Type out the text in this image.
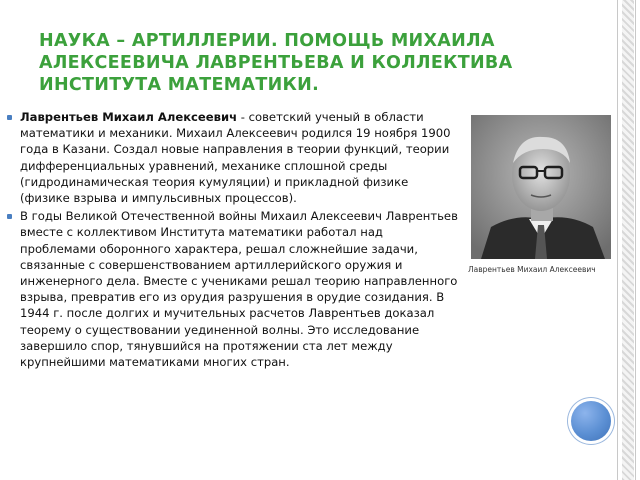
НАУКА – АРТИЛЛЕРИИ. ПОМОЩЬ МИХАИЛА АЛЕКСЕЕВИЧА ЛАВРЕНТЬЕВА И КОЛЛЕКТИВА ИНСТИТУТА МАТЕМАТИКИ.
Лаврентьев Михаил Алексеевич - советский ученый в области математики и механики. Михаил Алексеевич родился 19 ноября 1900 года в Казани. Создал новые направления в теории функций, теории дифференциальных уравнений, механике сплошной среды (гидродинамическая теория кумуляции) и прикладной физике (физике взрыва и импульсивных процессов).
В годы Великой Отечественной войны Михаил Алексеевич Лаврентьев вместе с коллективом Института математики работал над проблемами оборонного характера, решал сложнейшие задачи, связанные с совершенствованием артиллерийского оружия и инженерного дела. Вместе с учениками решал теорию направленного взрыва, превратив его из орудия разрушения в орудие созидания. В 1944 г. после долгих и мучительных расчетов Лаврентьев доказал теорему о существовании уединенной волны. Это исследование завершило спор, тянувшийся на протяжении ста лет между крупнейшими математиками многих стран.
Лаврентьев Михаил Алексеевич
